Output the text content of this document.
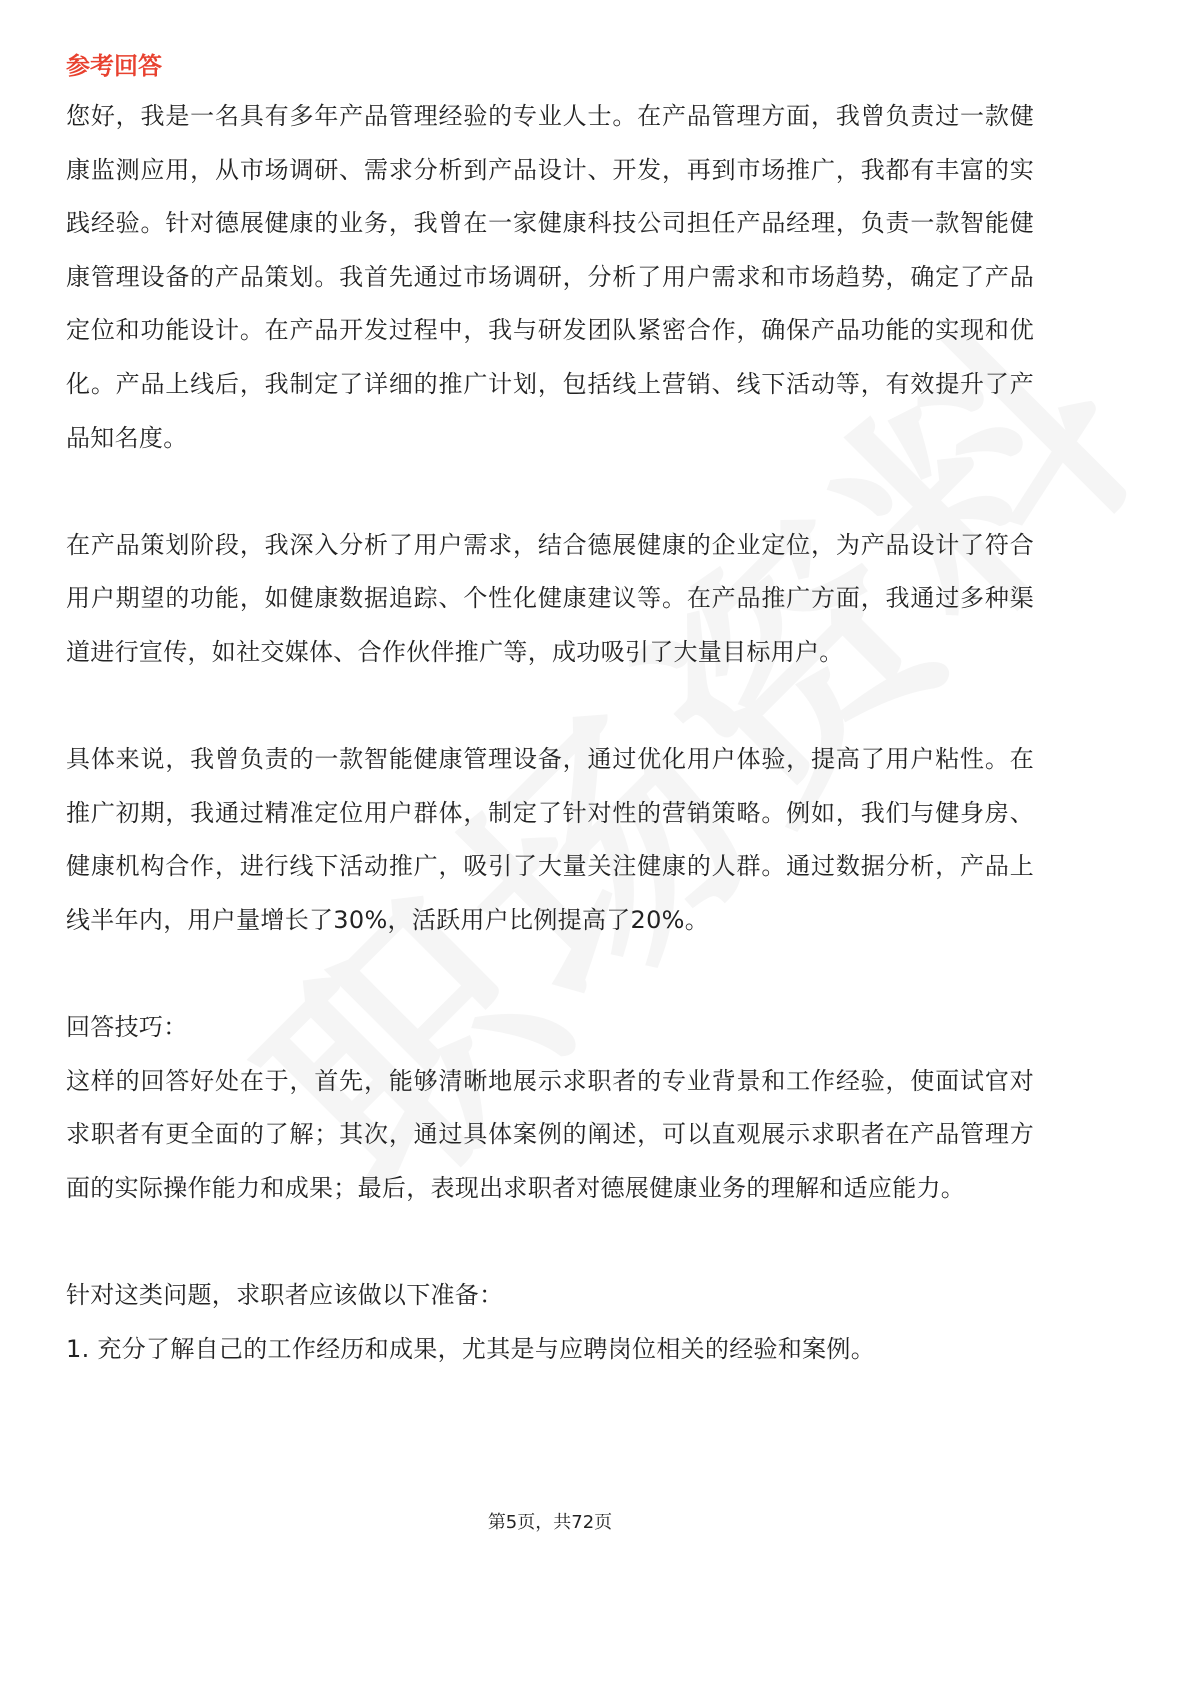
参考回答

您好，我是一名具有多年产品管理经验的专业人士。在产品管理方面，我曾负责过一款健康监测应用，从市场调研、需求分析到产品设计、开发，再到市场推广，我都有丰富的实践经验。针对德展健康的业务，我曾在一家健康科技公司担任产品经理，负责一款智能健康管理设备的产品策划。我首先通过市场调研，分析了用户需求和市场趋势，确定了产品定位和功能设计。在产品开发过程中，我与研发团队紧密合作，确保产品功能的实现和优化。产品上线后，我制定了详细的推广计划，包括线上营销、线下活动等，有效提升了产品知名度。

在产品策划阶段，我深入分析了用户需求，结合德展健康的企业定位，为产品设计了符合用户期望的功能，如健康数据追踪、个性化健康建议等。在产品推广方面，我通过多种渠道进行宣传，如社交媒体、合作伙伴推广等，成功吸引了大量目标用户。

具体来说，我曾负责的一款智能健康管理设备，通过优化用户体验，提高了用户粘性。在推广初期，我通过精准定位用户群体，制定了针对性的营销策略。例如，我们与健身房、健康机构合作，进行线下活动推广，吸引了大量关注健康的人群。通过数据分析，产品上线半年内，用户量增长了30%，活跃用户比例提高了20%。

回答技巧：

这样的回答好处在于，首先，能够清晰地展示求职者的专业背景和工作经验，使面试官对求职者有更全面的了解；其次，通过具体案例的阐述，可以直观展示求职者在产品管理方面的实际操作能力和成果；最后，表现出求职者对德展健康业务的理解和适应能力。

针对这类问题，求职者应该做以下准备：

1. 充分了解自己的工作经历和成果，尤其是与应聘岗位相关的经验和案例。

第5页，共72页
